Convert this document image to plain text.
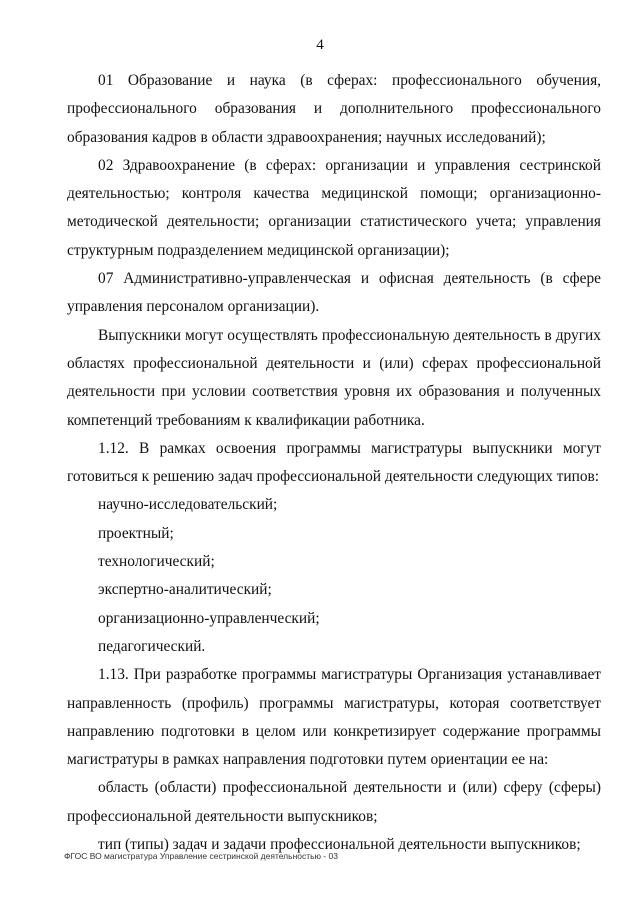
4

01 Образование и наука (в сферах: профессионального обучения, профессионального образования и дополнительного профессионального образования кадров в области здравоохранения; научных исследований);

02 Здравоохранение (в сферах: организации и управления сестринской деятельностью; контроля качества медицинской помощи; организационно-методической деятельности; организации статистического учета; управления структурным подразделением медицинской организации);

07 Административно-управленческая и офисная деятельность (в сфере управления персоналом организации).

Выпускники могут осуществлять профессиональную деятельность в других областях профессиональной деятельности и (или) сферах профессиональной деятельности при условии соответствия уровня их образования и полученных компетенций требованиям к квалификации работника.

1.12. В рамках освоения программы магистратуры выпускники могут готовиться к решению задач профессиональной деятельности следующих типов:

научно-исследовательский;

проектный;

технологический;

экспертно-аналитический;

организационно-управленческий;

педагогический.

1.13. При разработке программы магистратуры Организация устанавливает направленность (профиль) программы магистратуры, которая соответствует направлению подготовки в целом или конкретизирует содержание программы магистратуры в рамках направления подготовки путем ориентации ее на:

область (области) профессиональной деятельности и (или) сферу (сферы) профессиональной деятельности выпускников;

тип (типы) задач и задачи профессиональной деятельности выпускников;

ФГОС ВО магистратура Управление сестринской деятельностью - 03
